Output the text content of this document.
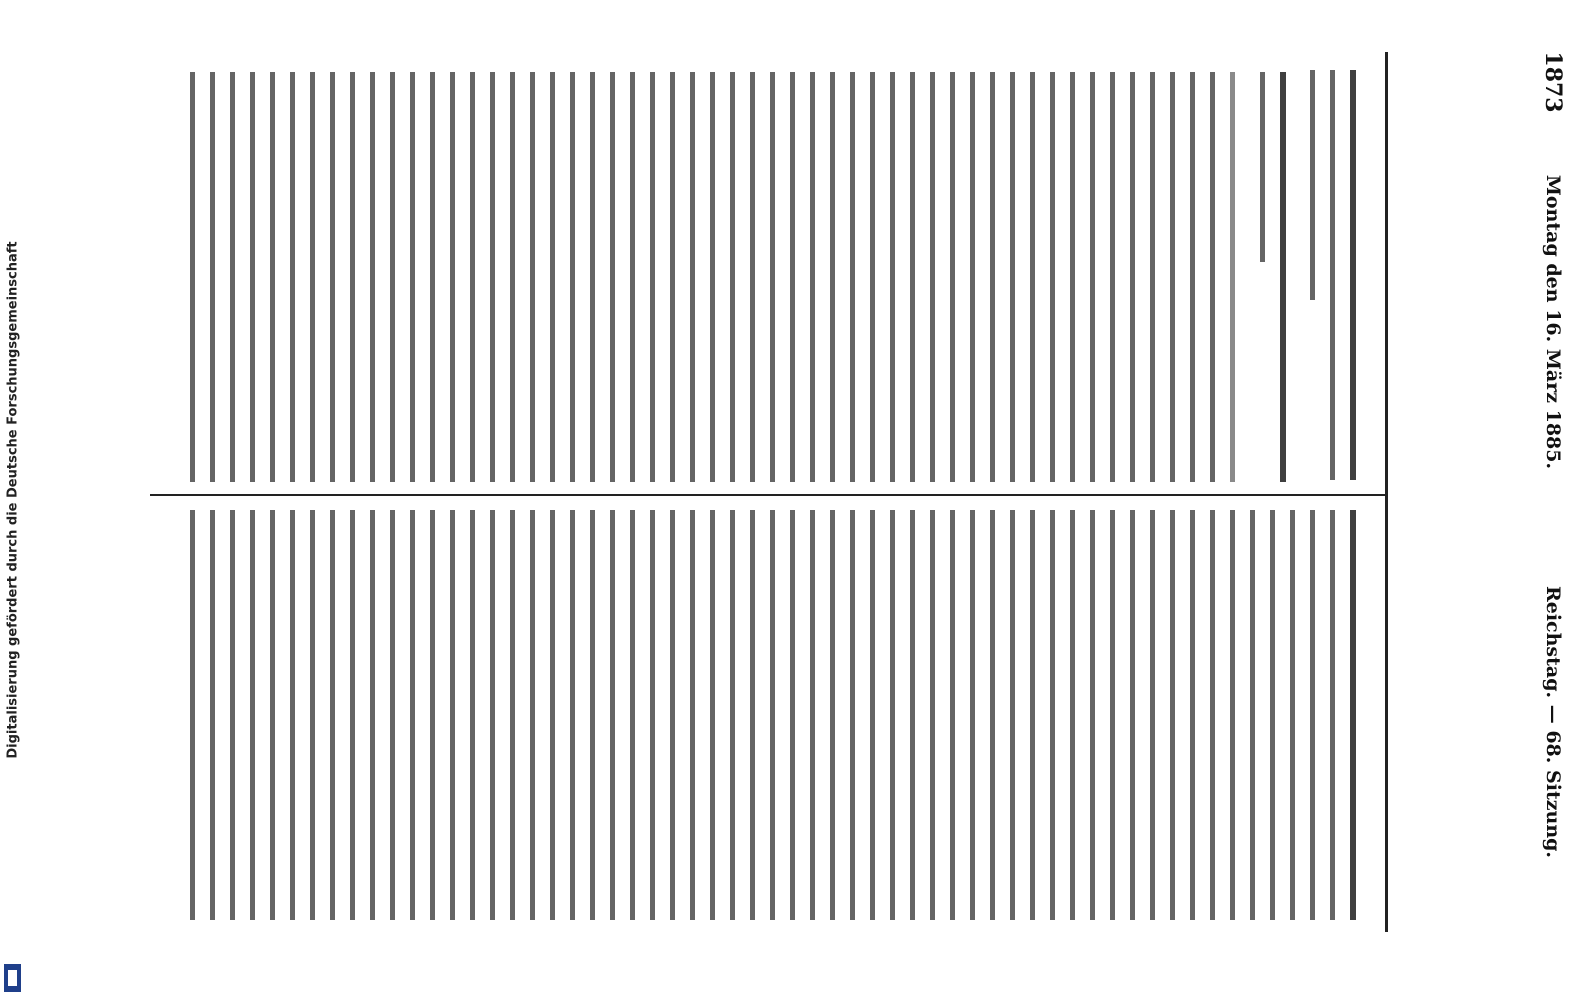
Digitalisierung gefördert durch die Deutsche Forschungsgemeinschaft
1873
Montag den 16. März 1885.
Reichstag. — 68. Sitzung.
